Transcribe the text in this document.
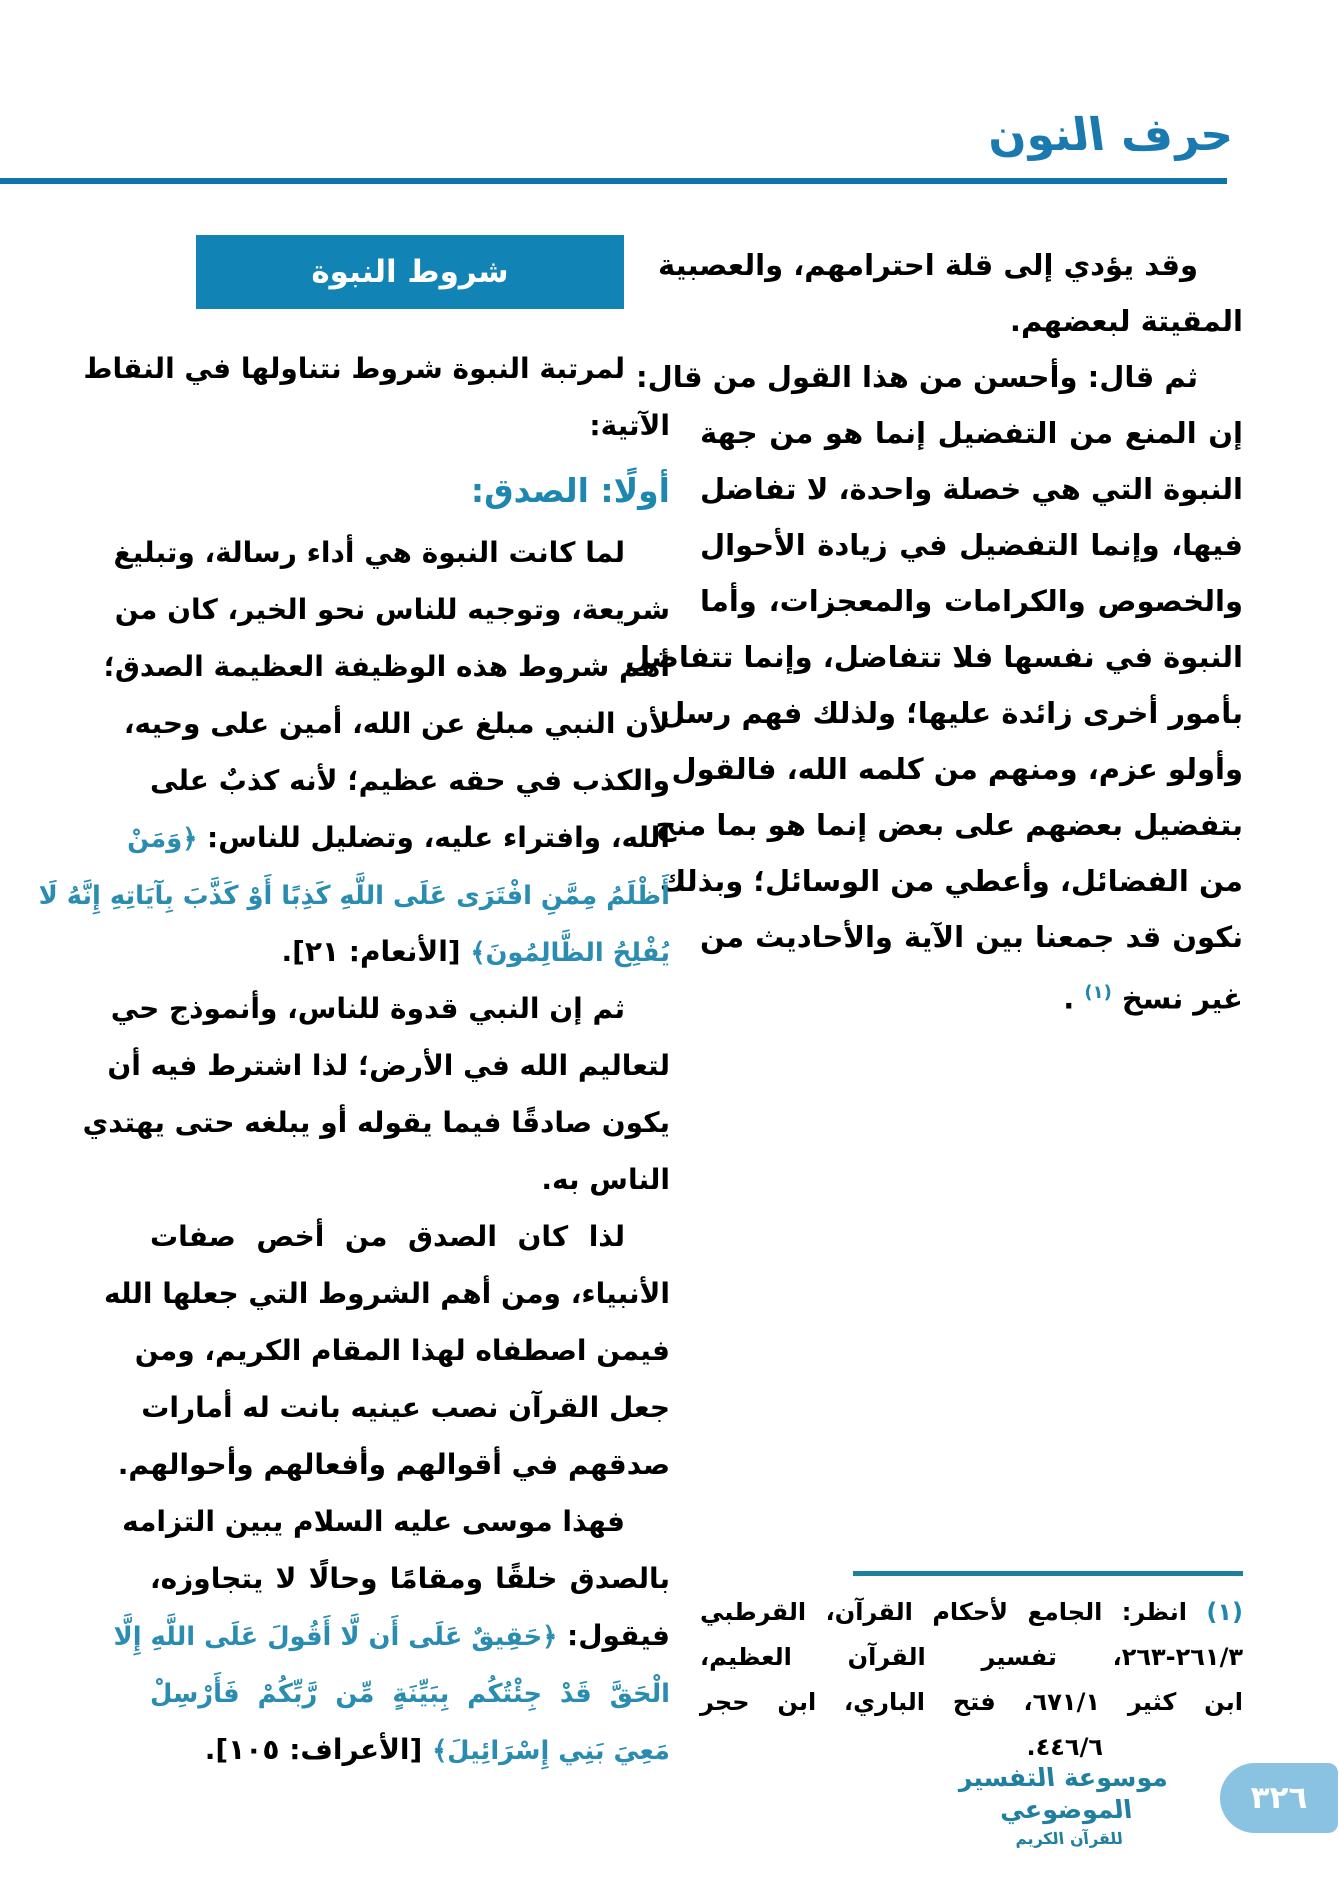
حرف النون
وقد يؤدي إلى قلة احترامهم، والعصبية
المقيتة لبعضهم.
ثم قال: وأحسن من هذا القول من قال:
إن المنع من التفضيل إنما هو من جهة
النبوة التي هي خصلة واحدة، لا تفاضل
فيها، وإنما التفضيل في زيادة الأحوال
والخصوص والكرامات والمعجزات، وأما
النبوة في نفسها فلا تتفاضل، وإنما تتفاضل
بأمور أخرى زائدة عليها؛ ولذلك فهم رسل
وأولو عزم، ومنهم من كلمه الله، فالقول
بتفضيل بعضهم على بعض إنما هو بما منح
من الفضائل، وأعطي من الوسائل؛ وبذلك
نكون قد جمعنا بين الآية والأحاديث من
غير نسخ $^{(١)}$ .
شروط النبوة
لمرتبة النبوة شروط نتناولها في النقاط
الآتية:
أولًا: الصدق:
لما كانت النبوة هي أداء رسالة، وتبليغ
شريعة، وتوجيه للناس نحو الخير، كان من
أهم شروط هذه الوظيفة العظيمة الصدق؛
لأن النبي مبلغ عن الله، أمين على وحيه،
والكذب في حقه عظيم؛ لأنه كذبٌ على
الله، وافتراء عليه، وتضليل للناس: ﴿وَمَنْ
أَظْلَمُ مِمَّنِ افْتَرَى عَلَى اللَّهِ كَذِبًا أَوْ كَذَّبَ بِآيَاتِهِ إِنَّهُ لَا
يُفْلِحُ الظَّالِمُونَ﴾ [الأنعام: ٢١].
ثم إن النبي قدوة للناس، وأنموذج حي
لتعاليم الله في الأرض؛ لذا اشترط فيه أن
يكون صادقًا فيما يقوله أو يبلغه حتى يهتدي
الناس به.
لذا كان الصدق من أخص صفات
الأنبياء، ومن أهم الشروط التي جعلها الله
فيمن اصطفاه لهذا المقام الكريم، ومن
جعل القرآن نصب عينيه بانت له أمارات
صدقهم في أقوالهم وأفعالهم وأحوالهم.
فهذا موسى عليه السلام يبين التزامه
بالصدق خلقًا ومقامًا وحالًا لا يتجاوزه،
فيقول: ﴿حَقِيقٌ عَلَى أَن لَّا أَقُولَ عَلَى اللَّهِ إِلَّا
الْحَقَّ قَدْ جِئْتُكُم بِبَيِّنَةٍ مِّن رَّبِّكُمْ فَأَرْسِلْ
مَعِيَ بَنِي إِسْرَائِيلَ﴾ [الأعراف: ١٠٥].
(١) انظر: الجامع لأحكام القرآن، القرطبي
٣‏/‏٢٦١‏-‏٢٦٣، تفسير القرآن العظيم،
ابن كثير ١‏/‏٦٧١، فتح الباري، ابن حجر
٦‏/‏٤٤٦.
موسوعة التفسير الموضوعي
للقرآن الكريم
٣٢٦
